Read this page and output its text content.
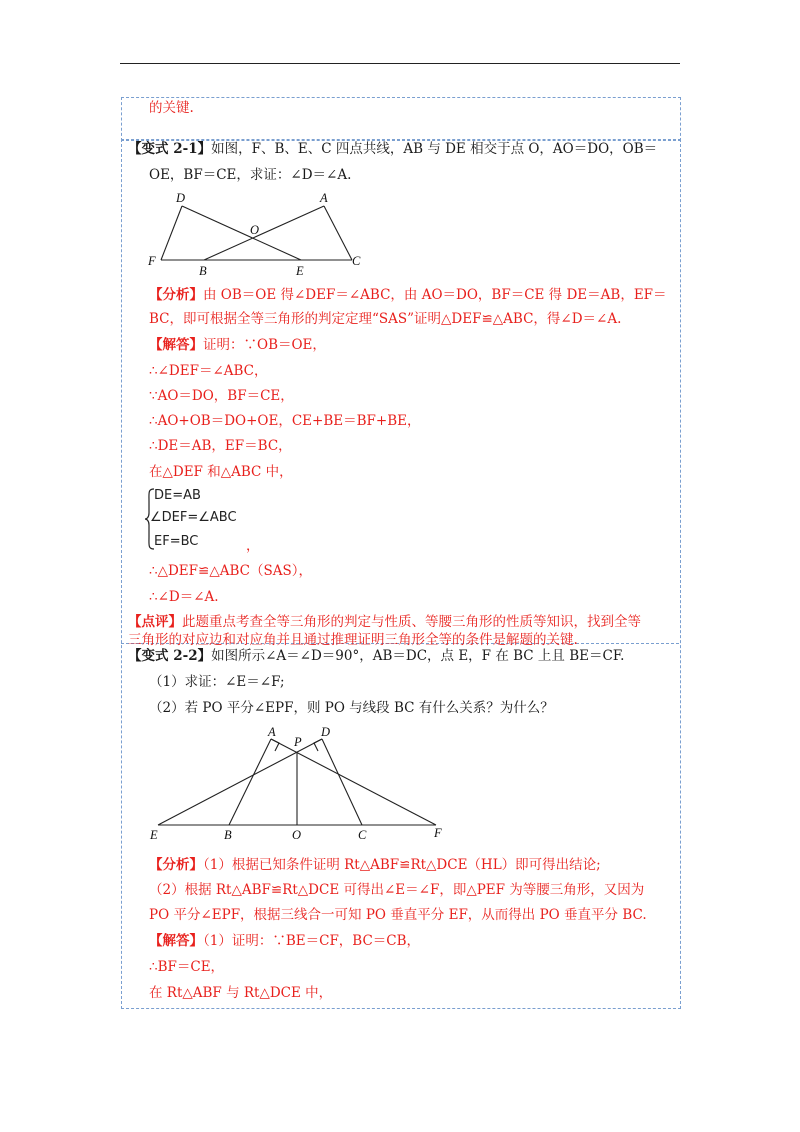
的关键.
【变式 2-1】如图，F、B、E、C 四点共线，AB 与 DE 相交于点 O，AO＝DO，OB＝
OE，BF＝CE，求证：∠D＝∠A.
D	A
O
F
B	E
C
【分析】由 OB＝OE 得∠DEF＝∠ABC，由 AO＝DO，BF＝CE 得 DE＝AB，EF＝
BC，即可根据全等三角形的判定定理“SAS”证明△DEF≌△ABC，得∠D＝∠A.
【解答】证明：∵OB＝OE，
∴∠DEF＝∠ABC，
∵AO＝DO，BF＝CE，
∴AO+OB＝DO+OE，CE+BE＝BF+BE，
∴DE＝AB，EF＝BC，
在△DEF 和△ABC 中，
DE=AB
∠DEF=∠ABC
EF=BC	，
∴△DEF≌△ABC（SAS），
∴∠D＝∠A.
【点评】此题重点考查全等三角形的判定与性质、等腰三角形的性质等知识，找到全等
三角形的对应边和对应角并且通过推理证明三角形全等的条件是解题的关键.
【变式 2-2】如图所示∠A＝∠D＝90°，AB＝DC，点 E，F 在 BC 上且 BE＝CF.
（1）求证：∠E＝∠F;
（2）若 PO 平分∠EPF，则 PO 与线段 BC 有什么关系？为什么？
A
P
D
E	B	O	C	F
【分析】（1）根据已知条件证明 Rt△ABF≌Rt△DCE（HL）即可得出结论;
（2）根据 Rt△ABF≌Rt△DCE 可得出∠E＝∠F，即△PEF 为等腰三角形，又因为
PO 平分∠EPF，根据三线合一可知 PO 垂直平分 EF，从而得出 PO 垂直平分 BC.
【解答】（1）证明：∵BE＝CF，BC＝CB，
∴BF＝CE，
在 Rt△ABF 与 Rt△DCE 中，
